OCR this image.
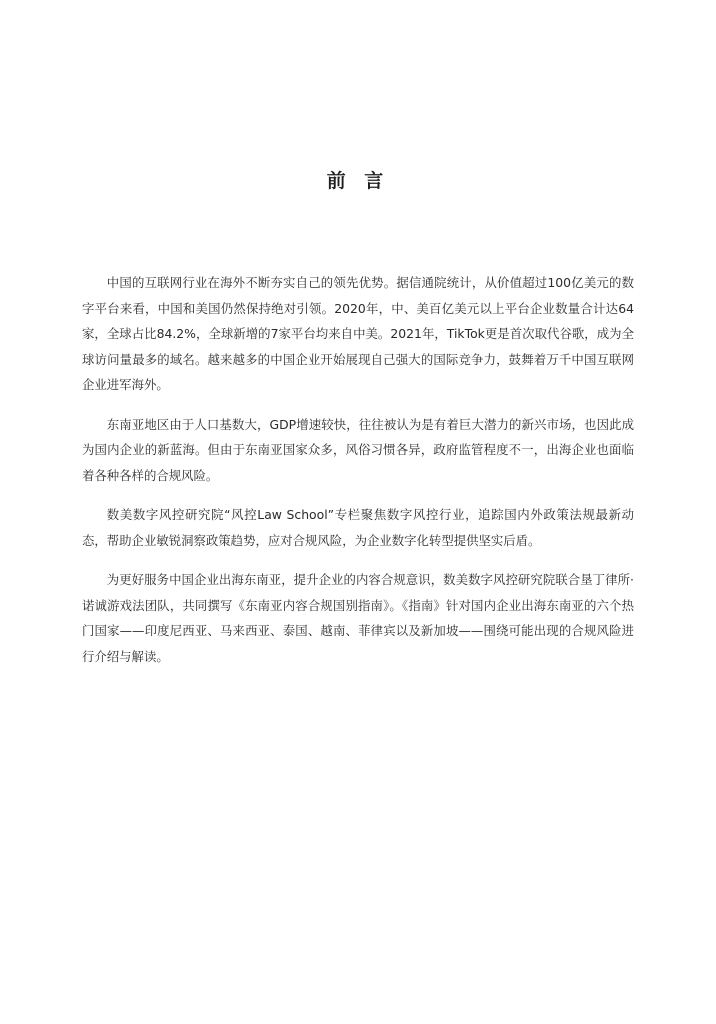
前 言

中国的互联网行业在海外不断夯实自己的领先优势。据信通院统计，从价值超过100亿美元的数字平台来看，中国和美国仍然保持绝对引领。2020年，中、美百亿美元以上平台企业数量合计达64家，全球占比84.2%，全球新增的7家平台均来自中美。2021年，TikTok更是首次取代谷歌，成为全球访问量最多的域名。越来越多的中国企业开始展现自己强大的国际竞争力，鼓舞着万千中国互联网企业进军海外。

东南亚地区由于人口基数大，GDP增速较快，往往被认为是有着巨大潜力的新兴市场，也因此成为国内企业的新蓝海。但由于东南亚国家众多，风俗习惯各异，政府监管程度不一，出海企业也面临着各种各样的合规风险。

数美数字风控研究院“风控Law School”专栏聚焦数字风控行业，追踪国内外政策法规最新动态，帮助企业敏锐洞察政策趋势，应对合规风险，为企业数字化转型提供坚实后盾。

为更好服务中国企业出海东南亚，提升企业的内容合规意识，数美数字风控研究院联合垦丁律所·诺诚游戏法团队，共同撰写《东南亚内容合规国别指南》。《指南》针对国内企业出海东南亚的六个热门国家——印度尼西亚、马来西亚、泰国、越南、菲律宾以及新加坡——围绕可能出现的合规风险进行介绍与解读。
